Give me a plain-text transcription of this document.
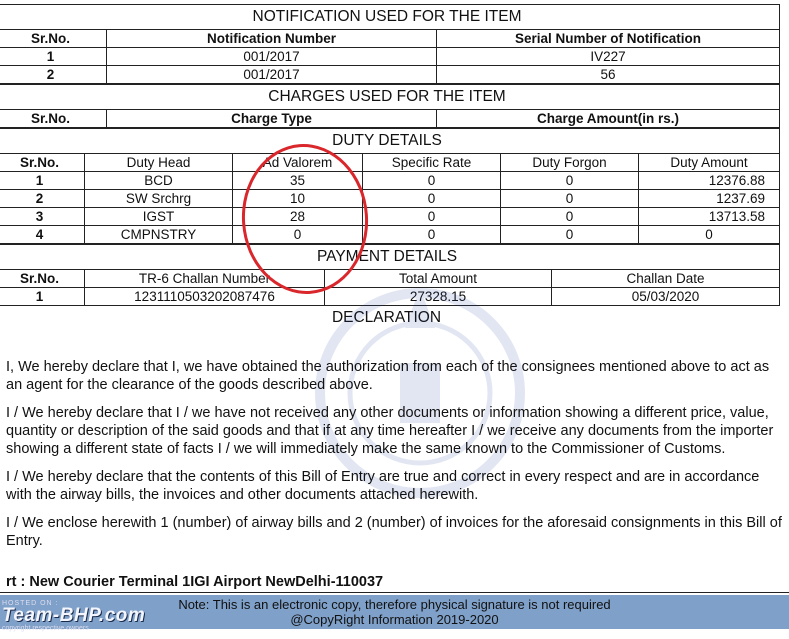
NOTIFICATION USED FOR THE ITEM		
Sr.No.	Notification Number	Serial Number of Notification
1	001/2017	IV227
2	001/2017	56
CHARGES USED FOR THE ITEM
Sr.No.	Charge Type	Charge Amount(in rs.)
DUTY DETAILS					
Sr.No.	Duty Head	Ad Valorem	Specific Rate	Duty Forgon	Duty Amount
1	BCD	35	0	0	12376.88
2	SW Srchrg	10	0	0	1237.69
3	IGST	28	0	0	13713.58
4	CMPNSTRY	0	0	0	0
PAYMENT DETAILS			
Sr.No.	TR-6 Challan Number	Total Amount	Challan Date
1	1231110503202087476	27328.15	05/03/2020
DECLARATION

I, We hereby declare that I, we have obtained the authorization from each of the consignees mentioned above to act as an agent for the clearance of the goods described above.

I / We hereby declare that I / we have not received any other documents or information showing a different price, value, quantity or description of the said goods and that if at any time hereafter I / we receive any documents from the importer showing a different state of facts I / we will immediately make the same known to the Commissioner of Customs.

I / We hereby declare that the contents of this Bill of Entry are true and correct in every respect and are in accordance with the airway bills, the invoices and other documents attached herewith.

I / We enclose herewith 1 (number) of airway bills and 2 (number) of invoices for the aforesaid consignments in this Bill of Entry.

rt : New Courier Terminal 1IGI Airport NewDelhi-110037
Note: This is an electronic copy, therefore physical signature is not required
@CopyRight Information 2019-2020
HOSTED ON :
Team-BHP.com
copyright respective owners
